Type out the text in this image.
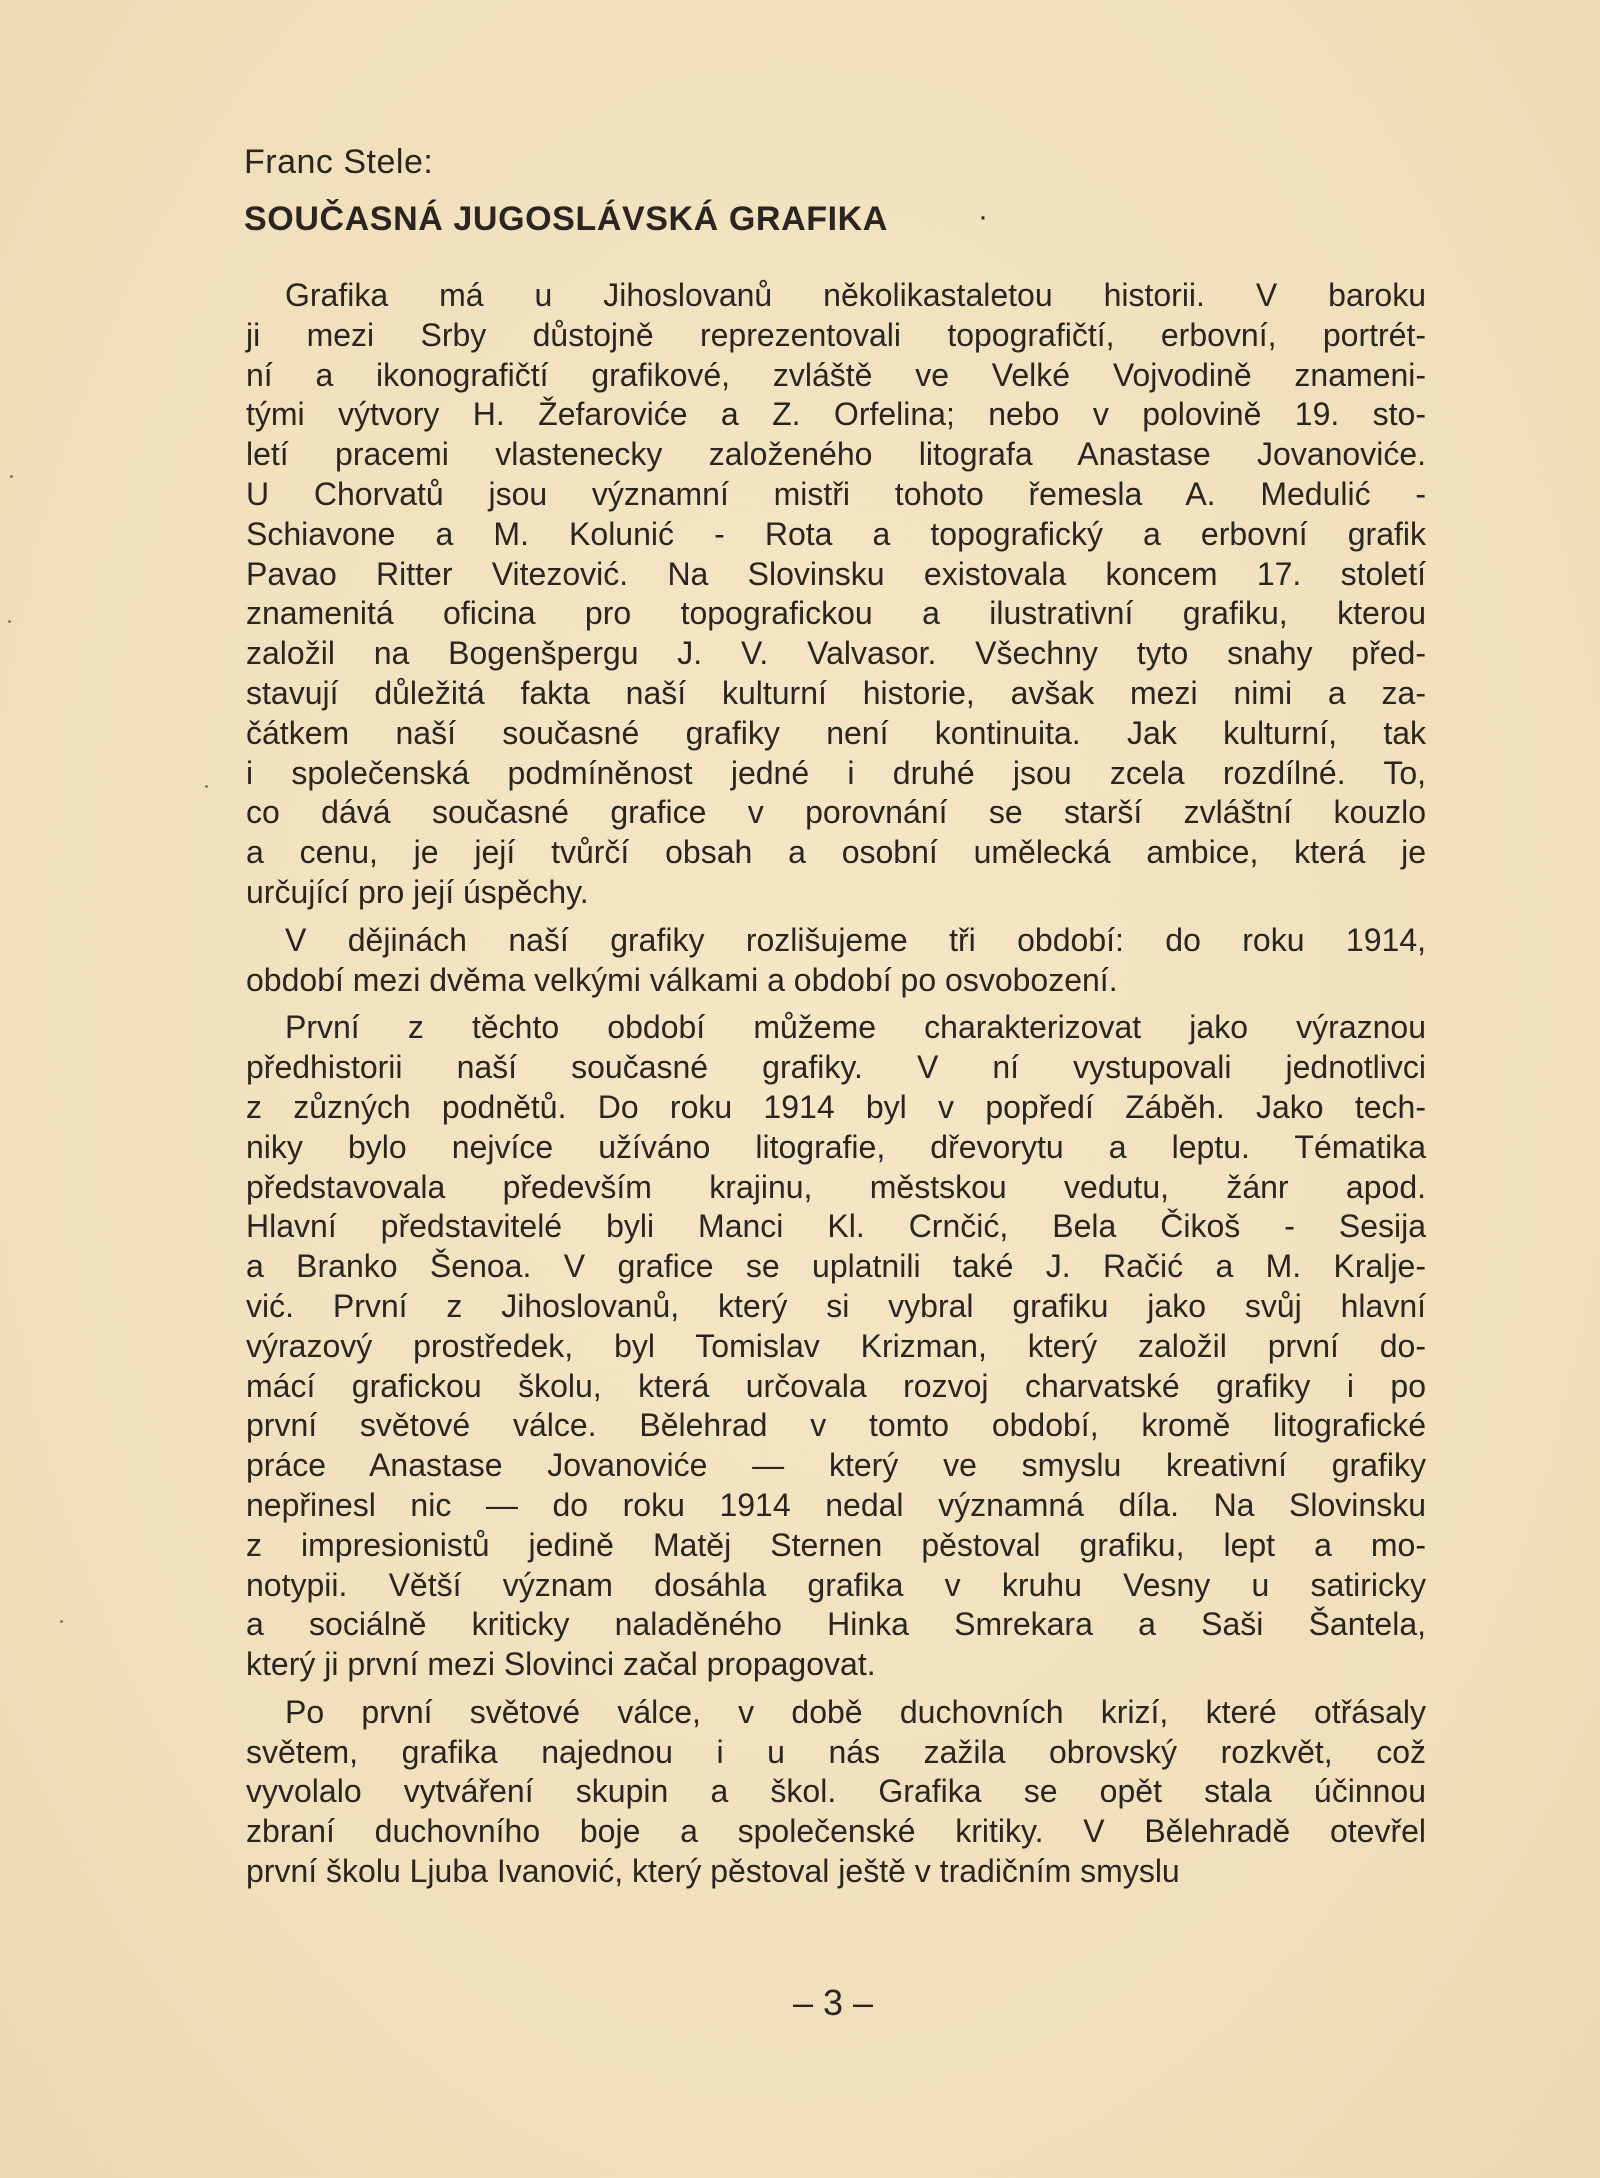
Franc Stele:
SOUČASNÁ JUGOSLÁVSKÁ GRAFIKA	·
Grafika má u Jihoslovanů několikastaletou historii. V baroku
ji mezi Srby důstojně reprezentovali topografičtí, erbovní, portrét-
ní a ikonografičtí grafikové, zvláště ve Velké Vojvodině znameni-
tými výtvory H. Žefaroviće a Z. Orfelina; nebo v polovině 19. sto-
letí pracemi vlastenecky založeného litografa Anastase Jovanoviće.
U Chorvatů jsou významní mistři tohoto řemesla A. Medulić -
Schiavone a M. Kolunić - Rota a topografický a erbovní grafik
Pavao Ritter Vitezović. Na Slovinsku existovala koncem 17. století
znamenitá oficina pro topografickou a ilustrativní grafiku, kterou
založil na Bogenšpergu J. V. Valvasor. Všechny tyto snahy před-
stavují důležitá fakta naší kulturní historie, avšak mezi nimi a za-
čátkem naší současné grafiky není kontinuita. Jak kulturní, tak
i společenská podmíněnost jedné i druhé jsou zcela rozdílné. To,
co dává současné grafice v porovnání se starší zvláštní kouzlo
a cenu, je její tvůrčí obsah a osobní umělecká ambice, která je
určující pro její úspěchy.
V dějinách naší grafiky rozlišujeme tři období: do roku 1914,
období mezi dvěma velkými válkami a období po osvobození.
První z těchto období můžeme charakterizovat jako výraznou
předhistorii naší současné grafiky. V ní vystupovali jednotlivci
z zůzných podnětů. Do roku 1914 byl v popředí Záběh. Jako tech-
niky bylo nejvíce užíváno litografie, dřevorytu a leptu. Tématika
představovala především krajinu, městskou vedutu, žánr apod.
Hlavní představitelé byli Manci Kl. Crnčić, Bela Čikoš - Sesija
a Branko Šenoa. V grafice se uplatnili také J. Račić a M. Kralje-
vić. První z Jihoslovanů, který si vybral grafiku jako svůj hlavní
výrazový prostředek, byl Tomislav Krizman, který založil první do-
mácí grafickou školu, která určovala rozvoj charvatské grafiky i po
první světové válce. Bělehrad v tomto období, kromě litografické
práce Anastase Jovanoviće — který ve smyslu kreativní grafiky
nepřinesl nic — do roku 1914 nedal významná díla. Na Slovinsku
z impresionistů jedině Matěj Sternen pěstoval grafiku, lept a mo-
notypii. Větší význam dosáhla grafika v kruhu Vesny u satiricky
a sociálně kriticky naladěného Hinka Smrekara a Saši Šantela,
který ji první mezi Slovinci začal propagovat.
Po první světové válce, v době duchovních krizí, které otřásaly
světem, grafika najednou i u nás zažila obrovský rozkvět, což
vyvolalo vytváření skupin a škol. Grafika se opět stala účinnou
zbraní duchovního boje a společenské kritiky. V Bělehradě otevřel
první školu Ljuba Ivanović, který pěstoval ještě v tradičním smyslu
– 3 –
